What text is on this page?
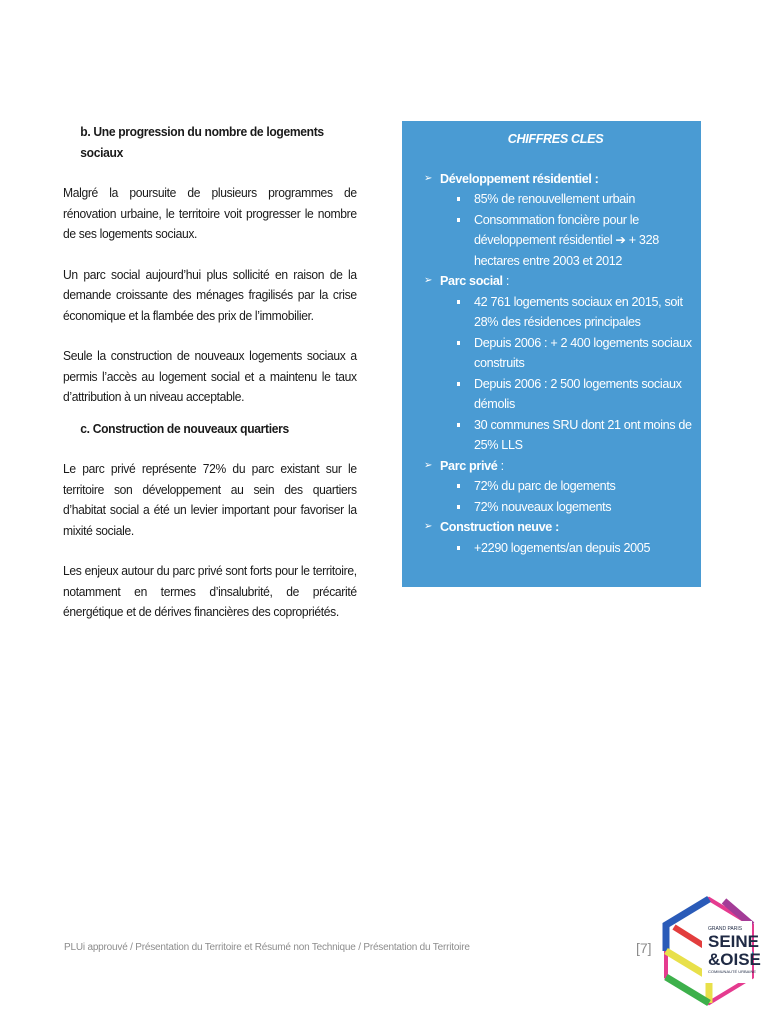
b. Une progression du nombre de logements sociaux

Malgré la poursuite de plusieurs programmes de rénovation urbaine, le territoire voit progresser le nombre de ses logements sociaux.

Un parc social aujourd’hui plus sollicité en raison de la demande croissante des ménages fragilisés par la crise économique et la flambée des prix de l’immobilier.

Seule la construction de nouveaux logements sociaux a permis l’accès au logement social et a maintenu le taux d’attribution à un niveau acceptable.

c. Construction de nouveaux quartiers

Le parc privé représente 72% du parc existant sur le territoire son développement au sein des quartiers d’habitat social a été un levier important pour favoriser la mixité sociale.

Les enjeux autour du parc privé sont forts pour le territoire, notamment en termes d’insalubrité, de précarité énergétique et de dérives financières des copropriétés.

CHIFFRES CLES
➢ Développement résidentiel :
85% de renouvellement urbain
Consommation foncière pour le développement résidentiel ➔ + 328 hectares entre 2003 et 2012
➢ Parc social :
42 761 logements sociaux en 2015, soit 28% des résidences principales
Depuis 2006 : + 2 400 logements sociaux construits
Depuis 2006 : 2 500 logements sociaux démolis
30 communes SRU dont 21 ont moins de 25% LLS
➢ Parc privé :
72% du parc de logements
72% nouveaux logements
➢ Construction neuve :
+2290 logements/an depuis 2005
PLUi approuvé / Présentation du Territoire et Résumé non Technique / Présentation du Territoire	[7]
GRAND PARIS
SEINE
&OISE
COMMUNAUTÉ URBAINE
